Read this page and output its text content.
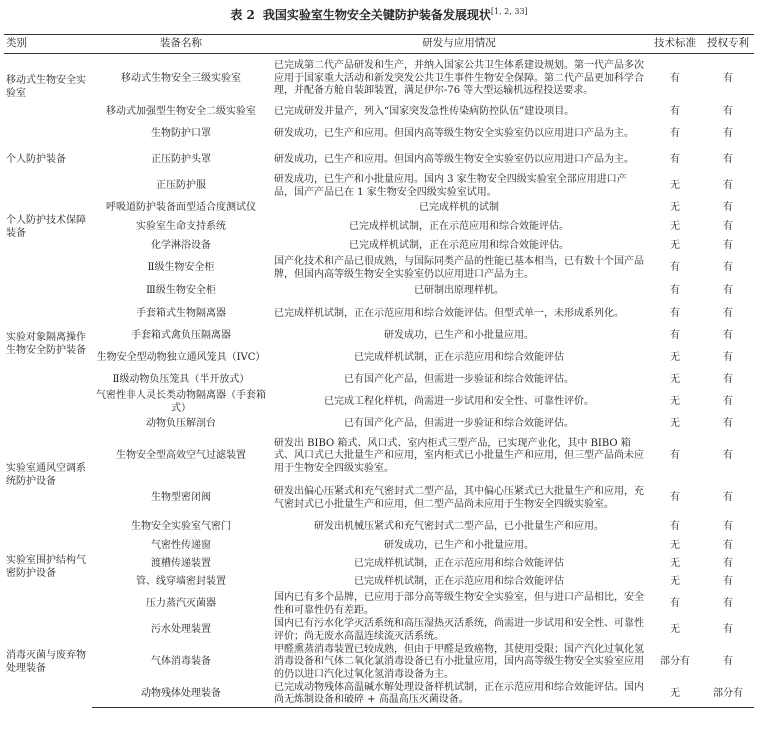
表 2 我国实验室生物安全关键防护装备发展现状[1, 2, 33]
类别	装备名称	研发与应用情况	技术标准	授权专利
移动式生物安全实验室	移动式生物安全三级实验室	已完成第二代产品研发和生产，并纳入国家公共卫生体系建设规划。第一代产品多次应用于国家重大活动和新发突发公共卫生事件生物安全保障。第二代产品更加科学合理，并配备方舱自装卸装置，满足伊尔-76 等大型运输机远程投送要求。	有	有
	移动式加强型生物安全二级实验室	已完成研发并量产，列入“国家突发急性传染病防控队伍”建设项目。	有	有
个人防护装备	生物防护口罩	研发成功，已生产和应用。但国内高等级生物安全实验室仍以应用进口产品为主。	有	有
	正压防护头罩	研发成功，已生产和应用。但国内高等级生物安全实验室仍以应用进口产品为主。	有	有
	正压防护服	研发成功，已生产和小批量应用。国内 3 家生物安全四级实验室全部应用进口产品，国产产品已在 1 家生物安全四级实验室试用。	无	有
个人防护技术保障装备	呼吸道防护装备面型适合度测试仪	已完成样机的试制	无	有
	实验室生命支持系统	已完成样机试制，正在示范应用和综合效能评估。	无	有
	化学淋浴设备	已完成样机试制，正在示范应用和综合效能评估。	无	有
实验对象隔离操作生物安全防护装备	Ⅱ级生物安全柜	国产化技术和产品已很成熟，与国际同类产品的性能已基本相当，已有数十个国产品牌，但国内高等级生物安全实验室仍以应用进口产品为主。	有	有
	Ⅲ级生物安全柜	已研制出原理样机。	有	有
	手套箱式生物隔离器	已完成样机试制，正在示范应用和综合效能评估。但型式单一，未形成系列化。	有	有
	手套箱式禽负压隔离器	研发成功，已生产和小批量应用。	有	有
	生物安全型动物独立通风笼具（IVC）	已完成样机试制，正在示范应用和综合效能评估	无	有
	Ⅱ级动物负压笼具（半开放式）	已有国产化产品，但需进一步验证和综合效能评估。	无	有
	气密性非人灵长类动物隔离器（手套箱式）	已完成工程化样机，尚需进一步试用和安全性、可靠性评价。	无	有
	动物负压解剖台	已有国产化产品，但需进一步验证和综合效能评估。	无	有
实验室通风空调系统防护设备	生物安全型高效空气过滤装置	研发出 BIBO 箱式、风口式、室内柜式三型产品，已实现产业化，其中 BIBO 箱式、风口式已大批量生产和应用，室内柜式已小批量生产和应用，但三型产品尚未应用于生物安全四级实验室。	有	有
	生物型密闭阀	研发出偏心压紧式和充气密封式二型产品，其中偏心压紧式已大批量生产和应用，充气密封式已小批量生产和应用，但二型产品尚未应用于生物安全四级实验室。	有	有
实验室围护结构气密防护设备	生物安全实验室气密门	研发出机械压紧式和充气密封式二型产品，已小批量生产和应用。	有	有
	气密性传递窗	研发成功，已生产和小批量应用。	无	有
	渡槽传递装置	已完成样机试制，正在示范应用和综合效能评估	无	有
	管、线穿墙密封装置	已完成样机试制，正在示范应用和综合效能评估	无	有
	压力蒸汽灭菌器	国内已有多个品牌，已应用于部分高等级生物安全实验室，但与进口产品相比，安全性和可靠性仍有差距。	有	有
消毒灭菌与废弃物处理装备	污水处理装置	国内已有污水化学灭活系统和高压湿热灭活系统，尚需进一步试用和安全性、可靠性评价；尚无废水高温连续流灭活系统。	无	有
	气体消毒装备	甲醛熏蒸消毒装置已较成熟，但由于甲醛是致癌物，其使用受限；国产汽化过氧化氢消毒设备和气体二氧化氯消毒设备已有小批量应用，国内高等级生物安全实验室应用的仍以进口汽化过氧化氢消毒设备为主。	部分有	有
	动物残体处理装备	已完成动物残体高温碱水解处理设备样机试制，正在示范应用和综合效能评估。国内尚无炼制设备和破碎 + 高温高压灭菌设备。	无	部分有
